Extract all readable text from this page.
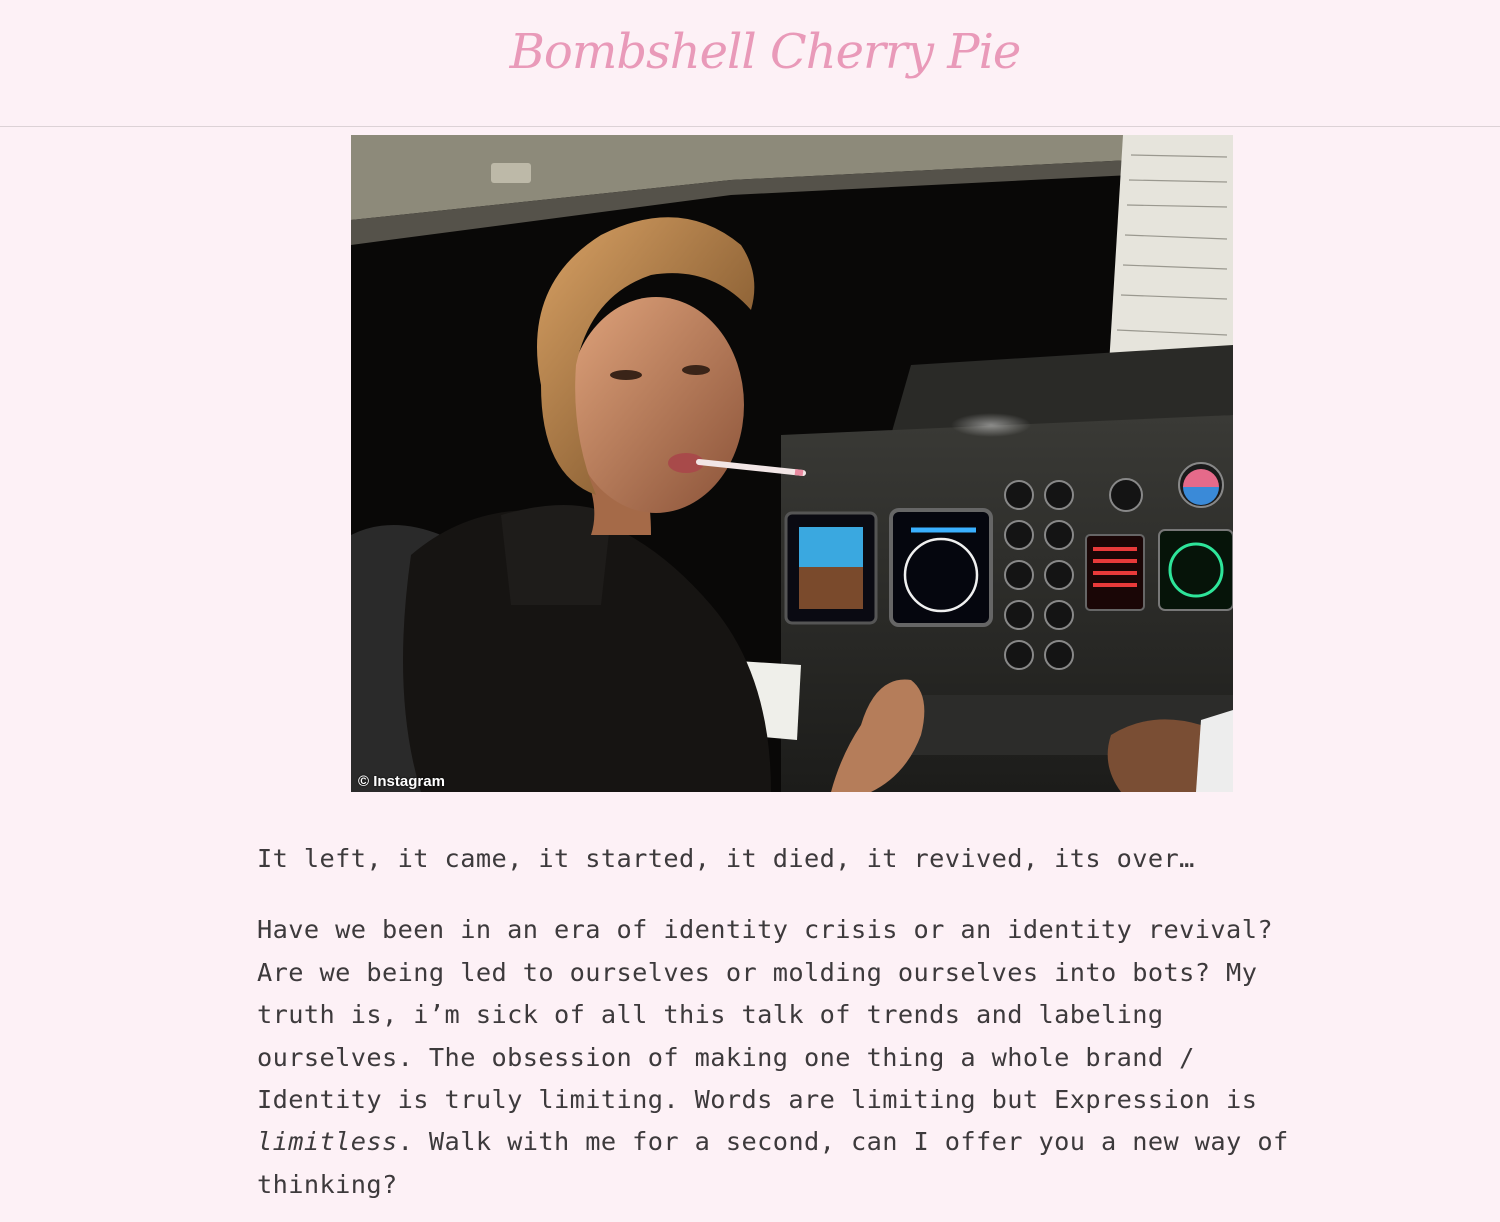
Bombshell Cherry Pie
© Instagram

It left, it came, it started, it died, it revived, its over…

Have we been in an era of identity crisis or an identity revival? Are we being led to ourselves or molding ourselves into bots? My truth is, i’m sick of all this talk of trends and labeling ourselves. The obsession of making one thing a whole brand / Identity is truly limiting. Words are limiting but Expression is limitless. Walk with me for a second, can I offer you a new way of thinking?
